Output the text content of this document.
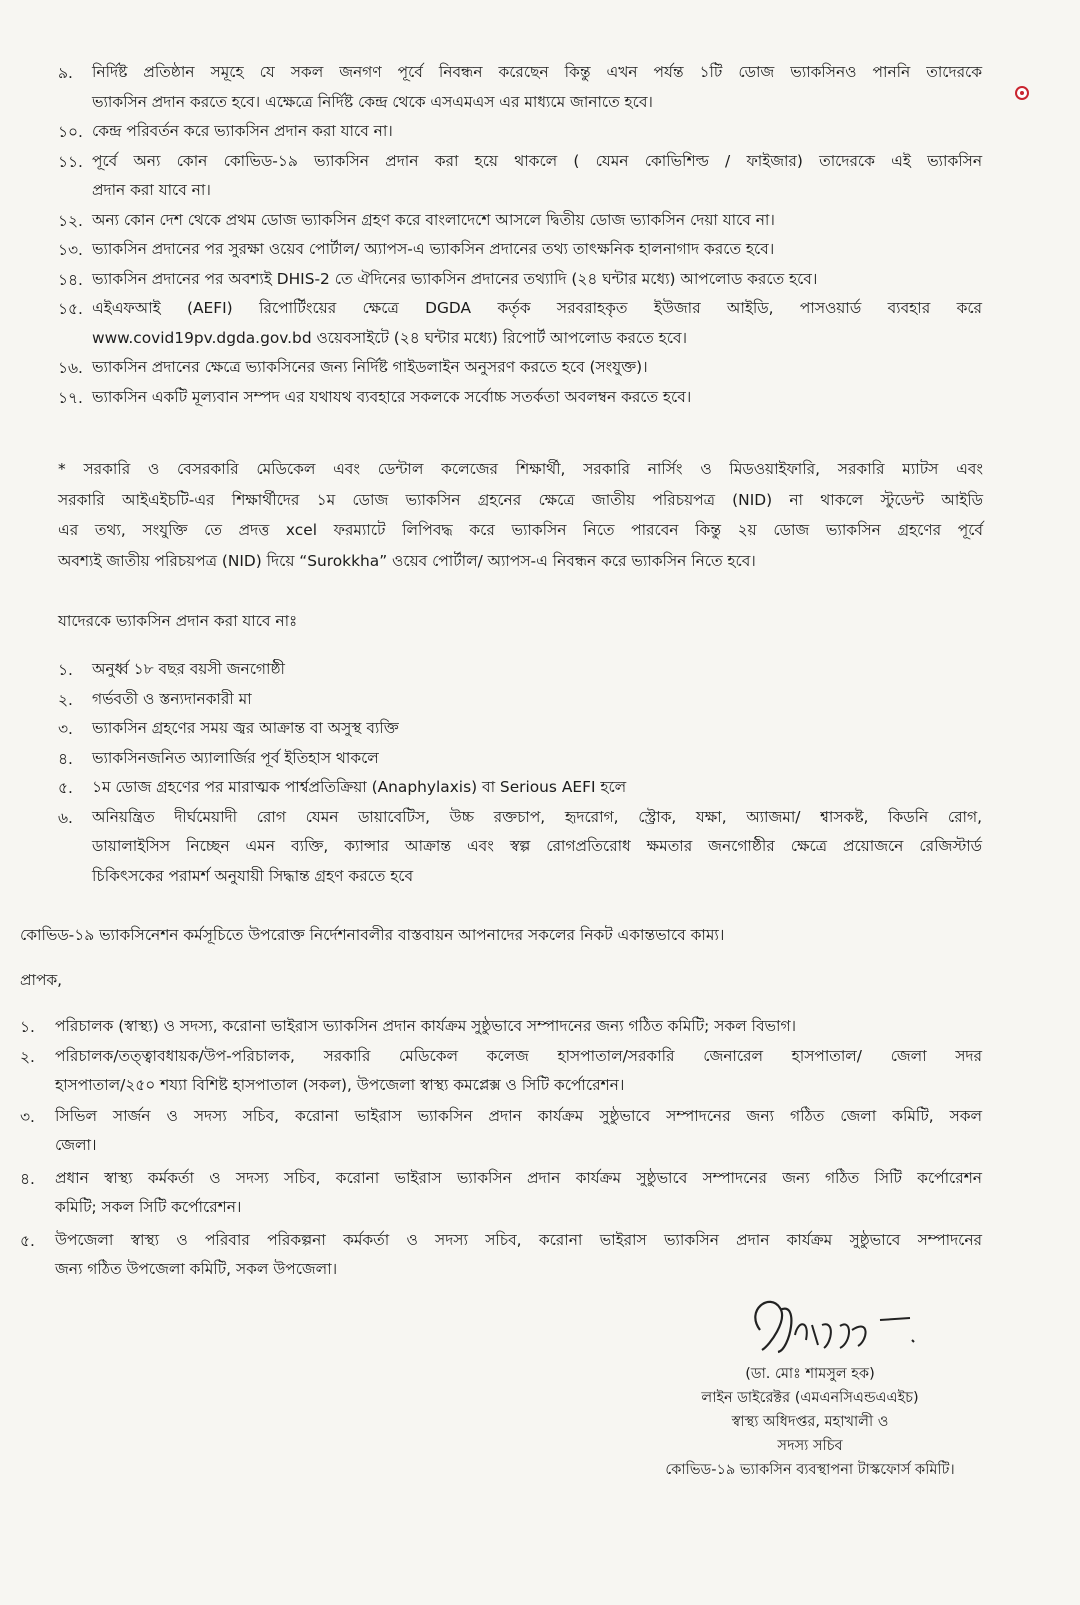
৯. নির্দিষ্ট প্রতিষ্ঠান সমূহে যে সকল জনগণ পূর্বে নিবন্ধন করেছেন কিন্তু এখন পর্যন্ত ১টি ডোজ ভ্যাকসিনও পাননি তাদেরকে
ভ্যাকসিন প্রদান করতে হবে। এক্ষেত্রে নির্দিষ্ট কেন্দ্র থেকে এসএমএস এর মাধ্যমে জানাতে হবে।
১০. কেন্দ্র পরিবর্তন করে ভ্যাকসিন প্রদান করা যাবে না।
১১. পূর্বে অন্য কোন কোভিড-১৯ ভ্যাকসিন প্রদান করা হয়ে থাকলে ( যেমন কোভিশিল্ড / ফাইজার) তাদেরকে এই ভ্যাকসিন
প্রদান করা যাবে না।
১২. অন্য কোন দেশ থেকে প্রথম ডোজ ভ্যাকসিন গ্রহণ করে বাংলাদেশে আসলে দ্বিতীয় ডোজ ভ্যাকসিন দেয়া যাবে না।
১৩. ভ্যাকসিন প্রদানের পর সুরক্ষা ওয়েব পোর্টাল/ অ্যাপস-এ ভ্যাকসিন প্রদানের তথ্য তাৎক্ষনিক হালনাগাদ করতে হবে।
১৪. ভ্যাকসিন প্রদানের পর অবশ্যই DHIS-2 তে ঐদিনের ভ্যাকসিন প্রদানের তথ্যাদি (২৪ ঘন্টার মধ্যে) আপলোড করতে হবে।
১৫. এইএফআই (AEFI) রিপোর্টিংয়ের ক্ষেত্রে DGDA কর্তৃক সরবরাহকৃত ইউজার আইডি, পাসওয়ার্ড ব্যবহার করে
www.covid19pv.dgda.gov.bd ওয়েবসাইটে (২৪ ঘন্টার মধ্যে) রিপোর্ট আপলোড করতে হবে।
১৬. ভ্যাকসিন প্রদানের ক্ষেত্রে ভ্যাকসিনের জন্য নির্দিষ্ট গাইডলাইন অনুসরণ করতে হবে (সংযুক্ত)।
১৭. ভ্যাকসিন একটি মূল্যবান সম্পদ এর যথাযথ ব্যবহারে সকলকে সর্বোচ্চ সতর্কতা অবলম্বন করতে হবে।
* সরকারি ও বেসরকারি মেডিকেল এবং ডেন্টাল কলেজের শিক্ষার্থী, সরকারি নার্সিং ও মিডওয়াইফারি, সরকারি ম্যাটস এবং
সরকারি আইএইচটি-এর শিক্ষার্থীদের ১ম ডোজ ভ্যাকসিন গ্রহনের ক্ষেত্রে জাতীয় পরিচয়পত্র (NID) না থাকলে স্টুডেন্ট আইডি
এর তথ্য, সংযুক্তি তে প্রদত্ত xcel ফরম্যাটে লিপিবদ্ধ করে ভ্যাকসিন নিতে পারবেন কিন্তু ২য় ডোজ ভ্যাকসিন গ্রহণের পূর্বে
অবশ্যই জাতীয় পরিচয়পত্র (NID) দিয়ে “Surokkha” ওয়েব পোর্টাল/ অ্যাপস-এ নিবন্ধন করে ভ্যাকসিন নিতে হবে।
যাদেরকে ভ্যাকসিন প্রদান করা যাবে নাঃ
১. অনুর্ধ্ব ১৮ বছর বয়সী জনগোষ্ঠী
২. গর্ভবতী ও স্তন্যদানকারী মা
৩. ভ্যাকসিন গ্রহণের সময় জ্বর আক্রান্ত বা অসুস্থ ব্যক্তি
৪. ভ্যাকসিনজনিত অ্যালার্জির পূর্ব ইতিহাস থাকলে
৫. ১ম ডোজ গ্রহণের পর মারাত্মক পার্শ্বপ্রতিক্রিয়া (Anaphylaxis) বা Serious AEFI হলে
৬. অনিয়ন্ত্রিত দীর্ঘমেয়াদী রোগ যেমন ডায়াবেটিস, উচ্চ রক্তচাপ, হৃদরোগ, স্ট্রোক, যক্ষা, অ্যাজমা/ শ্বাসকষ্ট, কিডনি রোগ,
ডায়ালাইসিস নিচ্ছেন এমন ব্যক্তি, ক্যান্সার আক্রান্ত এবং স্বল্প রোগপ্রতিরোধ ক্ষমতার জনগোষ্ঠীর ক্ষেত্রে প্রয়োজনে রেজিস্টার্ড
চিকিৎসকের পরামর্শ অনুযায়ী সিদ্ধান্ত গ্রহণ করতে হবে
কোভিড-১৯ ভ্যাকসিনেশন কর্মসূচিতে উপরোক্ত নির্দেশনাবলীর বাস্তবায়ন আপনাদের সকলের নিকট একান্তভাবে কাম্য।
প্রাপক,
১. পরিচালক (স্বাস্থ্য) ও সদস্য, করোনা ভাইরাস ভ্যাকসিন প্রদান কার্যক্রম সুষ্ঠুভাবে সম্পাদনের জন্য গঠিত কমিটি; সকল বিভাগ।
২. পরিচালক/তত্ত্বাবধায়ক/উপ-পরিচালক, সরকারি মেডিকেল কলেজ হাসপাতাল/সরকারি জেনারেল হাসপাতাল/ জেলা সদর
হাসপাতাল/২৫০ শয্যা বিশিষ্ট হাসপাতাল (সকল), উপজেলা স্বাস্থ্য কমপ্লেক্স ও সিটি কর্পোরেশন।
৩. সিভিল সার্জন ও সদস্য সচিব, করোনা ভাইরাস ভ্যাকসিন প্রদান কার্যক্রম সুষ্ঠুভাবে সম্পাদনের জন্য গঠিত জেলা কমিটি, সকল
জেলা।
৪. প্রধান স্বাস্থ্য কর্মকর্তা ও সদস্য সচিব, করোনা ভাইরাস ভ্যাকসিন প্রদান কার্যক্রম সুষ্ঠুভাবে সম্পাদনের জন্য গঠিত সিটি কর্পোরেশন
কমিটি; সকল সিটি কর্পোরেশন।
৫. উপজেলা স্বাস্থ্য ও পরিবার পরিকল্পনা কর্মকর্তা ও সদস্য সচিব, করোনা ভাইরাস ভ্যাকসিন প্রদান কার্যক্রম সুষ্ঠুভাবে সম্পাদনের
জন্য গঠিত উপজেলা কমিটি, সকল উপজেলা।
(ডা. মোঃ শামসুল হক)
লাইন ডাইরেক্টর (এমএনসিএন্ডএএইচ)
স্বাস্থ্য অধিদপ্তর, মহাখালী ও
সদস্য সচিব
কোভিড-১৯ ভ্যাকসিন ব্যবস্থাপনা টাস্কফোর্স কমিটি।
